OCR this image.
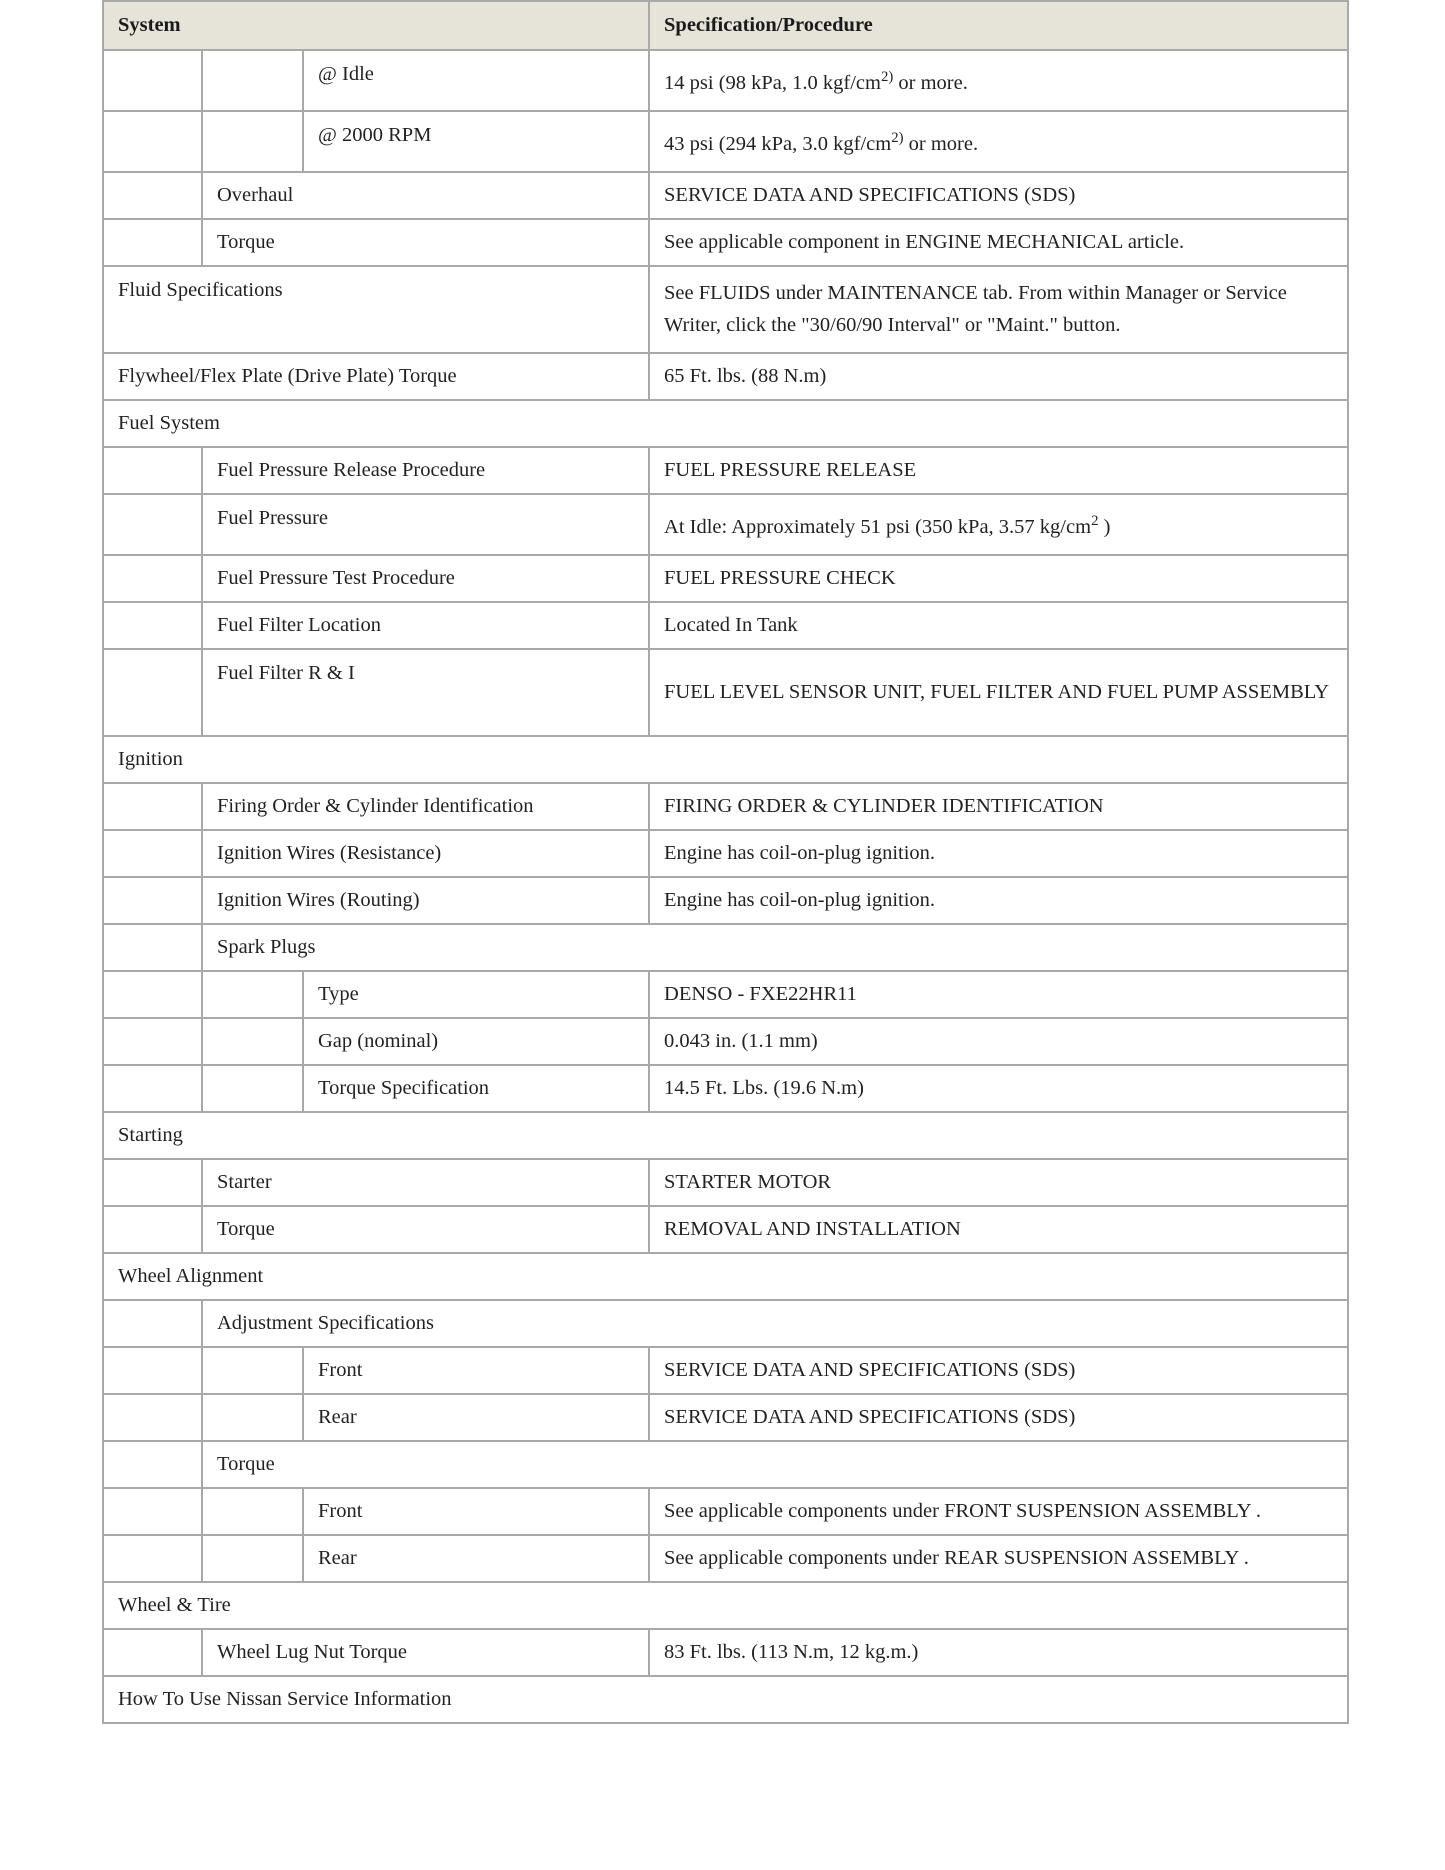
System			Specification/Procedure
		@ Idle	14 psi (98 kPa, 1.0 kgf/$cm^{2)}$ or more.
		@ 2000 RPM	43 psi (294 kPa, 3.0 kgf/$cm^{2)}$ or more.
	Overhaul		SERVICE DATA AND SPECIFICATIONS (SDS)
	Torque		See applicable component in ENGINE MECHANICAL article.
Fluid Specifications			See FLUIDS under MAINTENANCE tab. From within Manager or Service Writer, click the "30/60/90 Interval" or "Maint." button.
Flywheel/Flex Plate (Drive Plate) Torque			65 Ft. lbs. (88 N.m)
Fuel System			
	Fuel Pressure Release Procedure		FUEL PRESSURE RELEASE
	Fuel Pressure		At Idle: Approximately 51 psi (350 kPa, 3.57 $kg/cm^2$ )
	Fuel Pressure Test Procedure		FUEL PRESSURE CHECK
	Fuel Filter Location		Located In Tank
	Fuel Filter R & I		FUEL LEVEL SENSOR UNIT, FUEL FILTER AND FUEL PUMP ASSEMBLY
Ignition			
	Firing Order & Cylinder Identification		FIRING ORDER & CYLINDER IDENTIFICATION
	Ignition Wires (Resistance)		Engine has coil-on-plug ignition.
	Ignition Wires (Routing)		Engine has coil-on-plug ignition.
	Spark Plugs		
		Type	DENSO - FXE22HR11
		Gap (nominal)	0.043 in. (1.1 mm)
		Torque Specification	14.5 Ft. Lbs. (19.6 N.m)
Starting			
	Starter		STARTER MOTOR
	Torque		REMOVAL AND INSTALLATION
Wheel Alignment			
	Adjustment Specifications		
		Front	SERVICE DATA AND SPECIFICATIONS (SDS)
		Rear	SERVICE DATA AND SPECIFICATIONS (SDS)
	Torque		
		Front	See applicable components under FRONT SUSPENSION ASSEMBLY .
		Rear	See applicable components under REAR SUSPENSION ASSEMBLY .
Wheel & Tire			
	Wheel Lug Nut Torque		83 Ft. lbs. (113 N.m, 12 kg.m.)
How To Use Nissan Service Information			
